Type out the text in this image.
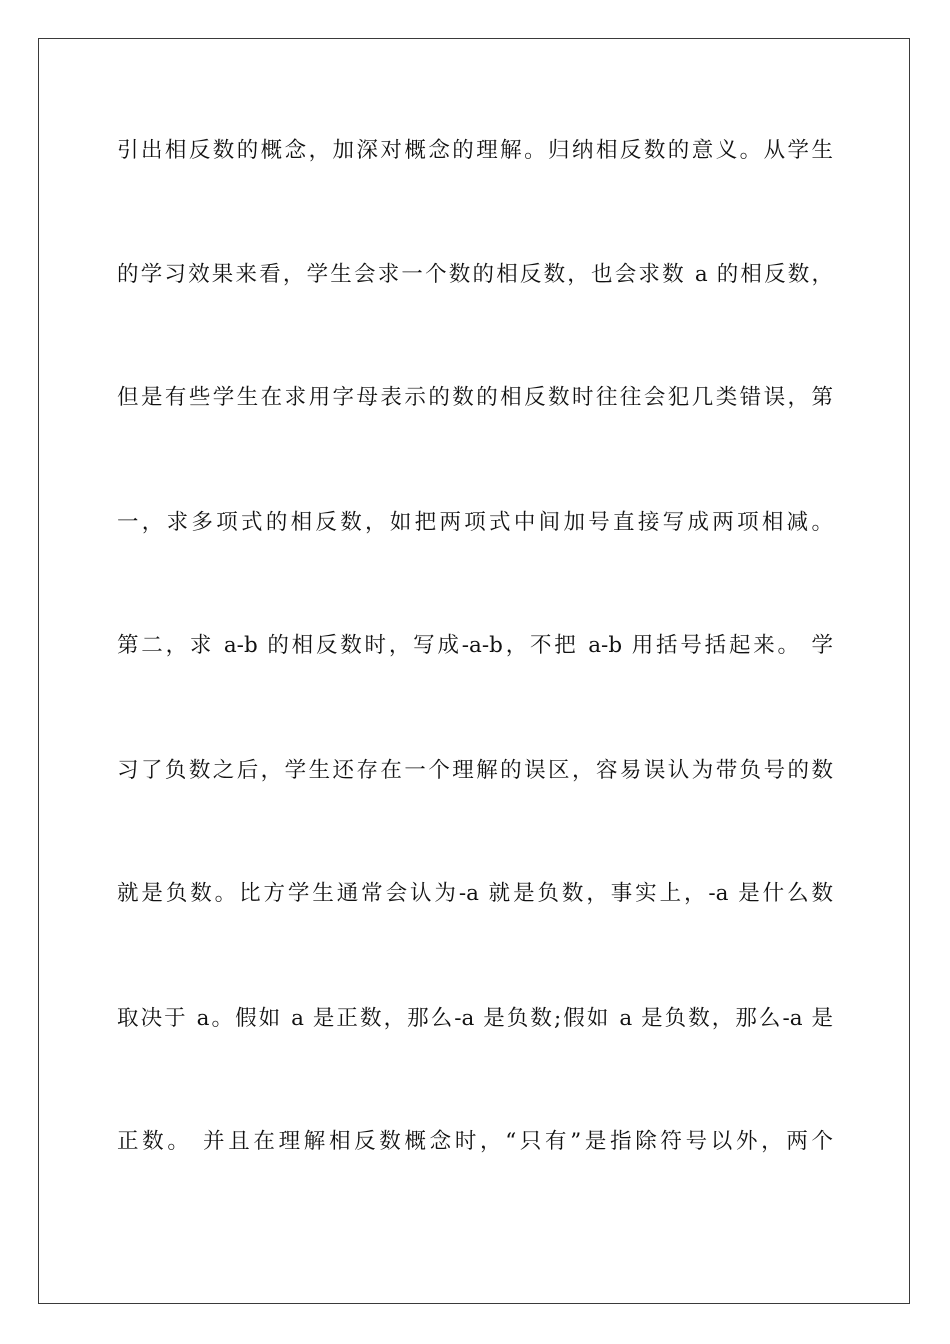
引出相反数的概念，加深对概念的理解。归纳相反数的意义。从学生
的学习效果来看，学生会求一个数的相反数，也会求数 a 的相反数，
但是有些学生在求用字母表示的数的相反数时往往会犯几类错误，第
一，求多项式的相反数，如把两项式中间加号直接写成两项相减。
第二，求 a-b 的相反数时，写成-a-b，不把 a-b 用括号括起来。 学
习了负数之后，学生还存在一个理解的误区，容易误认为带负号的数
就是负数。比方学生通常会认为-a 就是负数，事实上，-a 是什么数
取决于 a。假如 a 是正数，那么-a 是负数;假如 a 是负数，那么-a 是
正数。 并且在理解相反数概念时，“只有”是指除符号以外，两个
